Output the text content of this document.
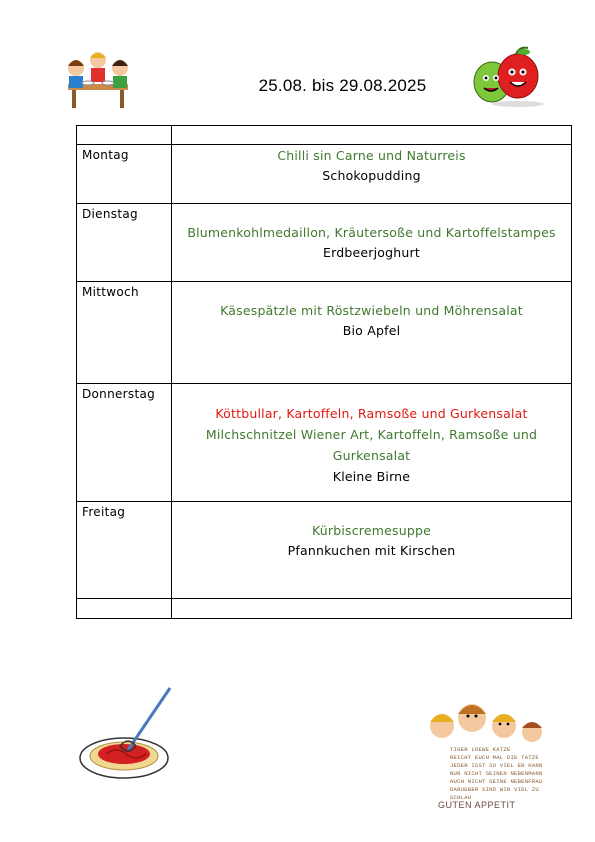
25.08. bis 29.08.2025

Montag	Chilli sin Carne und Naturreis
Schokopudding

Dienstag	Blumenkohlmedaillon, Kräutersoße und Kartoffelstampes
Erdbeerjoghurt

Mittwoch	Käsespätzle mit Röstzwiebeln und Möhrensalat
Bio Apfel

Donnerstag	Köttbullar, Kartoffeln, Ramsoße und Gurkensalat
Milchschnitzel Wiener Art, Kartoffeln, Ramsoße und
Gurkensalat
Kleine Birne

Freitag	Kürbiscremesuppe
Pfannkuchen mit Kirschen

TIGER LOEWE KATZE
REICHT EUCH MAL DIE TATZE
JEDER ISST SO VIEL ER KANN
NUR NICHT SEINEN NEBENMANN
AUCH NICHT SEINE NEBENFRAU
DARUEBER SIND WIR VIEL ZU SCHLAU
GUTEN APPETIT
